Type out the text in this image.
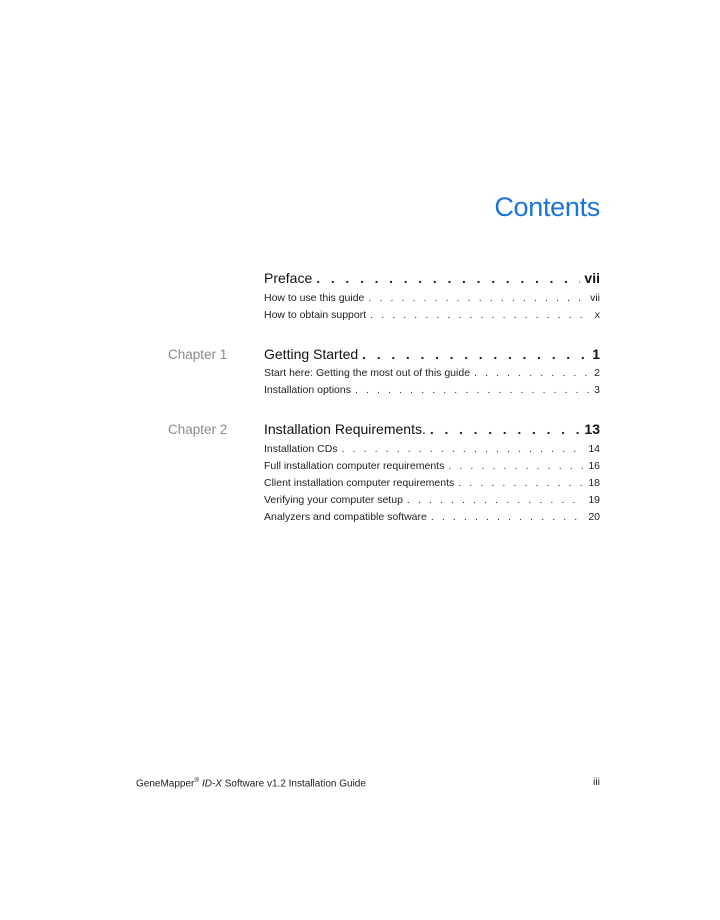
Contents
Preface . . .	vii
How to use this guide . . .	vii
How to obtain support . . .	x
Chapter 1	Getting Started . . .	1
Start here: Getting the most out of this guide . . .	2
Installation options . . .	3
Chapter 2	Installation Requirements. . . .	13
Installation CDs . . .	14
Full installation computer requirements . . .	16
Client installation computer requirements . . .	18
Verifying your computer setup . . .	19
Analyzers and compatible software . . .	20
GeneMapper® ID-X Software v1.2 Installation Guide	iii
